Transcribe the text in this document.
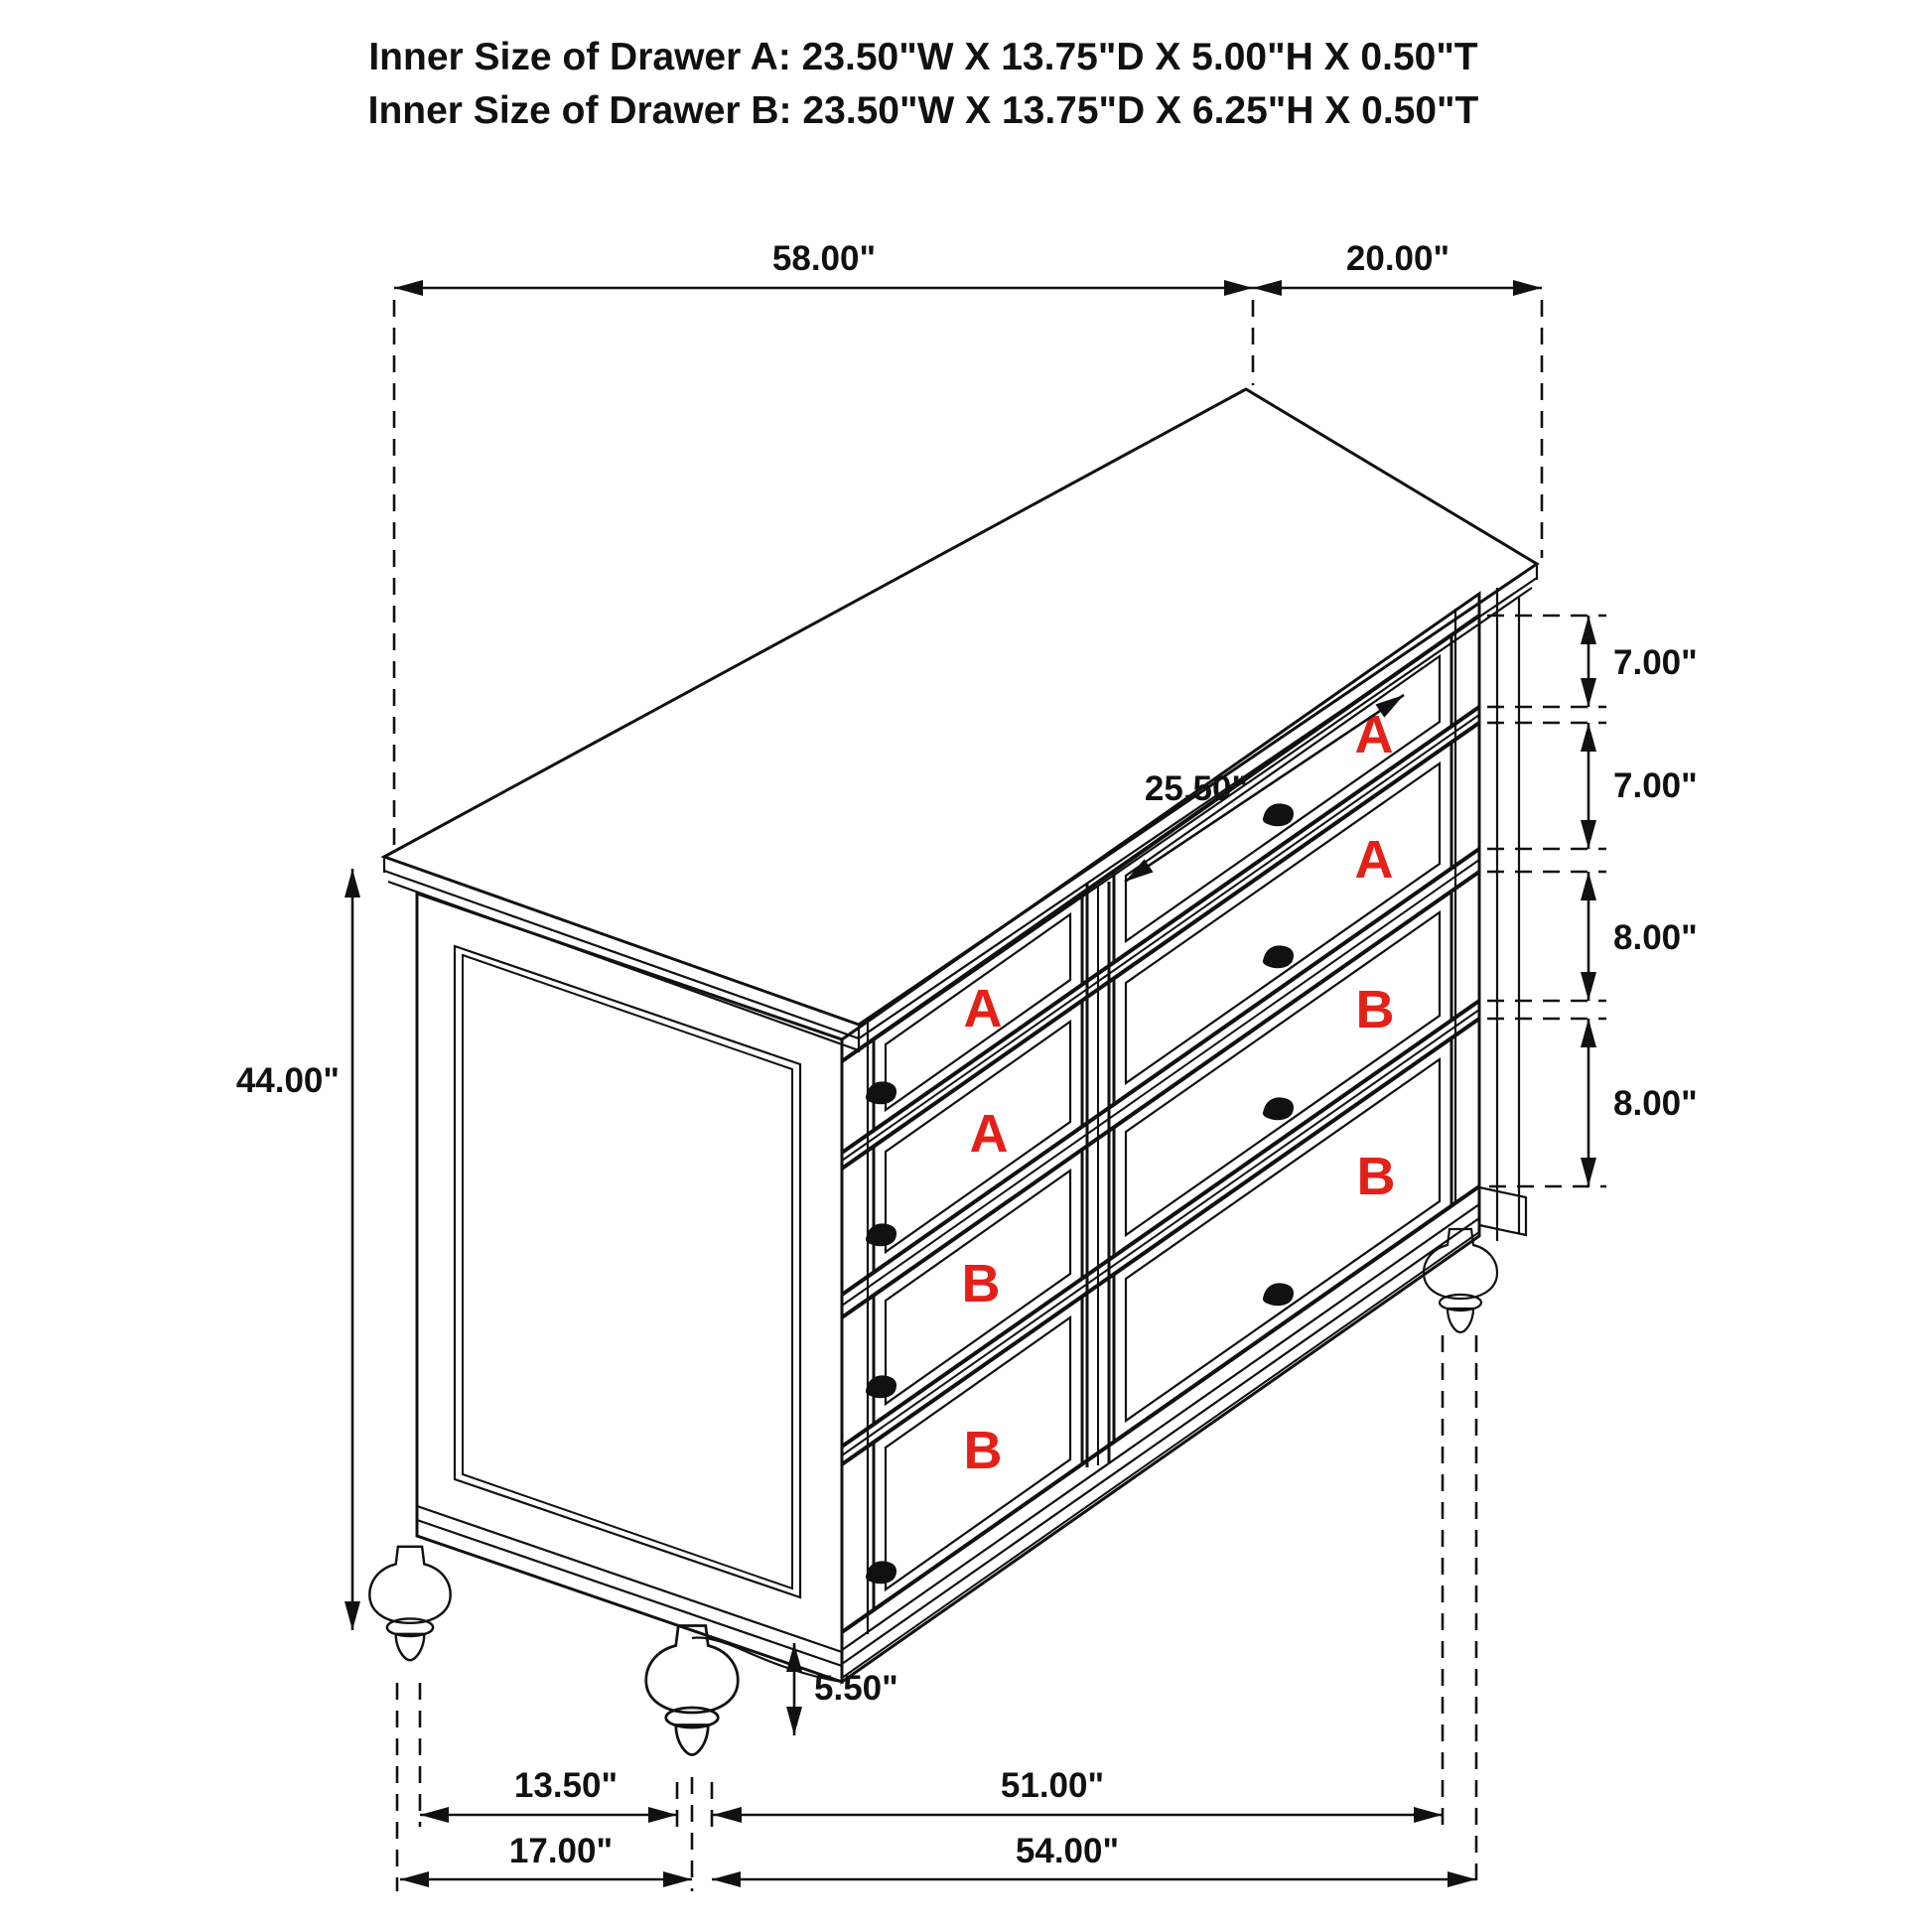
Inner Size of Drawer A: 23.50"W X 13.75"D X 5.00"H X 0.50"T
Inner Size of Drawer B: 23.50"W X 13.75"D X 6.25"H X 0.50"T
A
A
B
B
A
A
B
B
58.00"	20.00"
44.00"
7.00"
7.00"
8.00"
8.00"
25.50"
5.50"
13.50"	51.00"
17.00"	54.00"
